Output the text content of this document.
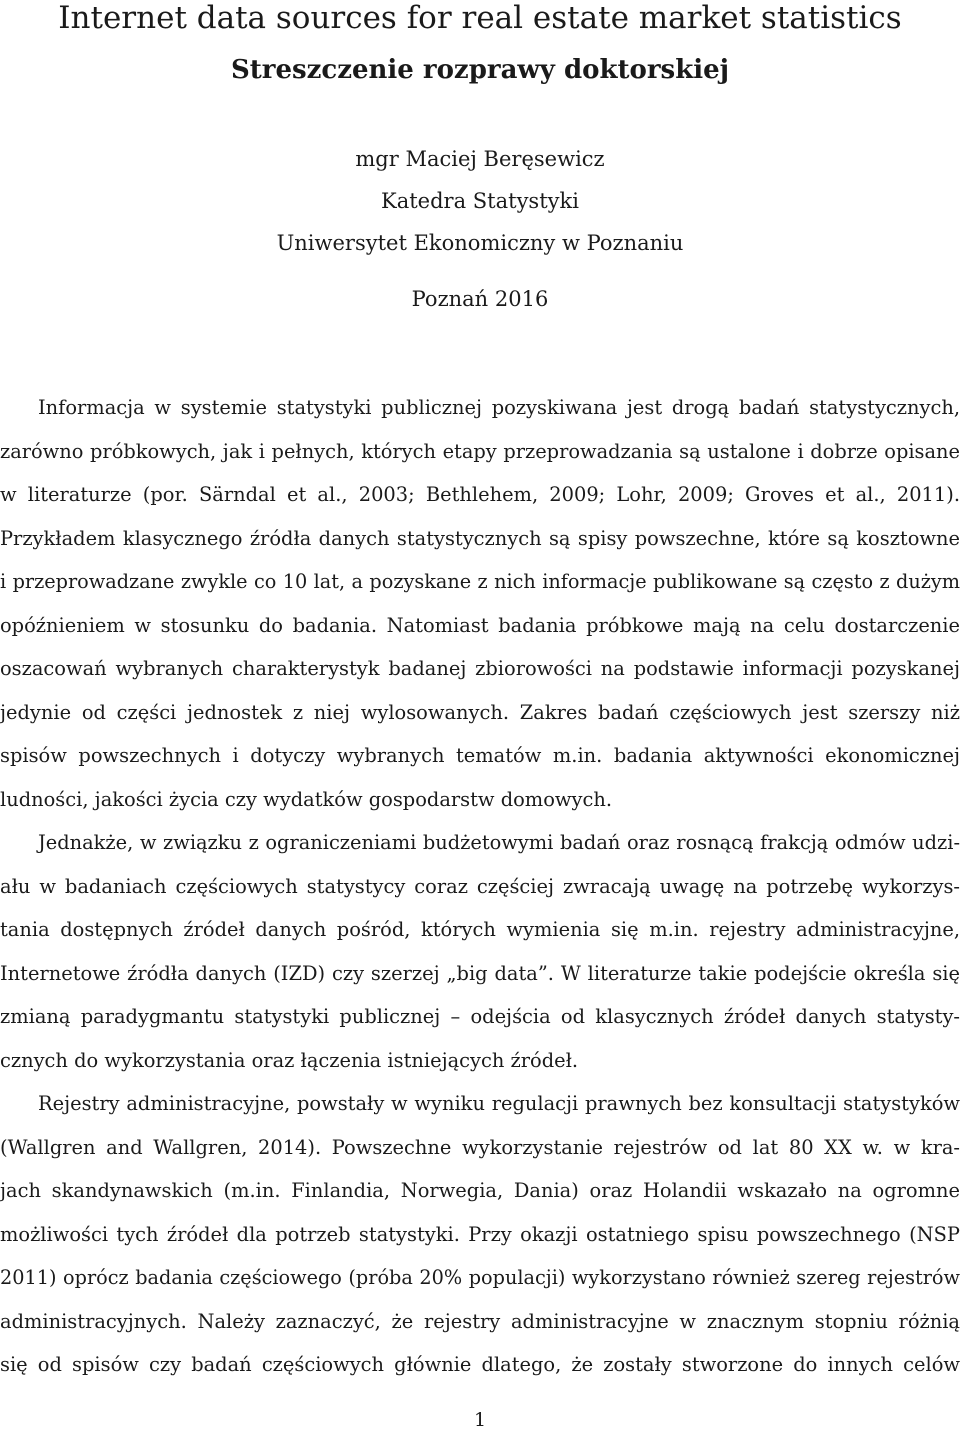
Internet data sources for real estate market statistics
Streszczenie rozprawy doktorskiej
mgr Maciej Beręsewicz
Katedra Statystyki
Uniwersytet Ekonomiczny w Poznaniu
Poznań 2016
Informacja w systemie statystyki publicznej pozyskiwana jest drogą badań statystycznych,
zarówno próbkowych, jak i pełnych, których etapy przeprowadzania są ustalone i dobrze opisane
w literaturze (por. Särndal et al., 2003; Bethlehem, 2009; Lohr, 2009; Groves et al., 2011).
Przykładem klasycznego źródła danych statystycznych są spisy powszechne, które są kosztowne
i przeprowadzane zwykle co 10 lat, a pozyskane z nich informacje publikowane są często z dużym
opóźnieniem w stosunku do badania. Natomiast badania próbkowe mają na celu dostarczenie
oszacowań wybranych charakterystyk badanej zbiorowości na podstawie informacji pozyskanej
jedynie od części jednostek z niej wylosowanych. Zakres badań częściowych jest szerszy niż
spisów powszechnych i dotyczy wybranych tematów m.in. badania aktywności ekonomicznej
ludności, jakości życia czy wydatków gospodarstw domowych.
Jednakże, w związku z ograniczeniami budżetowymi badań oraz rosnącą frakcją odmów udzi-
ału w badaniach częściowych statystycy coraz częściej zwracają uwagę na potrzebę wykorzys-
tania dostępnych źródeł danych pośród, których wymienia się m.in. rejestry administracyjne,
Internetowe źródła danych (IZD) czy szerzej „big data”. W literaturze takie podejście określa się
zmianą paradygmantu statystyki publicznej – odejścia od klasycznych źródeł danych statysty-
cznych do wykorzystania oraz łączenia istniejących źródeł.
Rejestry administracyjne, powstały w wyniku regulacji prawnych bez konsultacji statystyków
(Wallgren and Wallgren, 2014). Powszechne wykorzystanie rejestrów od lat 80 XX w. w kra-
jach skandynawskich (m.in. Finlandia, Norwegia, Dania) oraz Holandii wskazało na ogromne
możliwości tych źródeł dla potrzeb statystyki. Przy okazji ostatniego spisu powszechnego (NSP
2011) oprócz badania częściowego (próba 20% populacji) wykorzystano również szereg rejestrów
administracyjnych. Należy zaznaczyć, że rejestry administracyjne w znacznym stopniu różnią
się od spisów czy badań częściowych głównie dlatego, że zostały stworzone do innych celów
1
